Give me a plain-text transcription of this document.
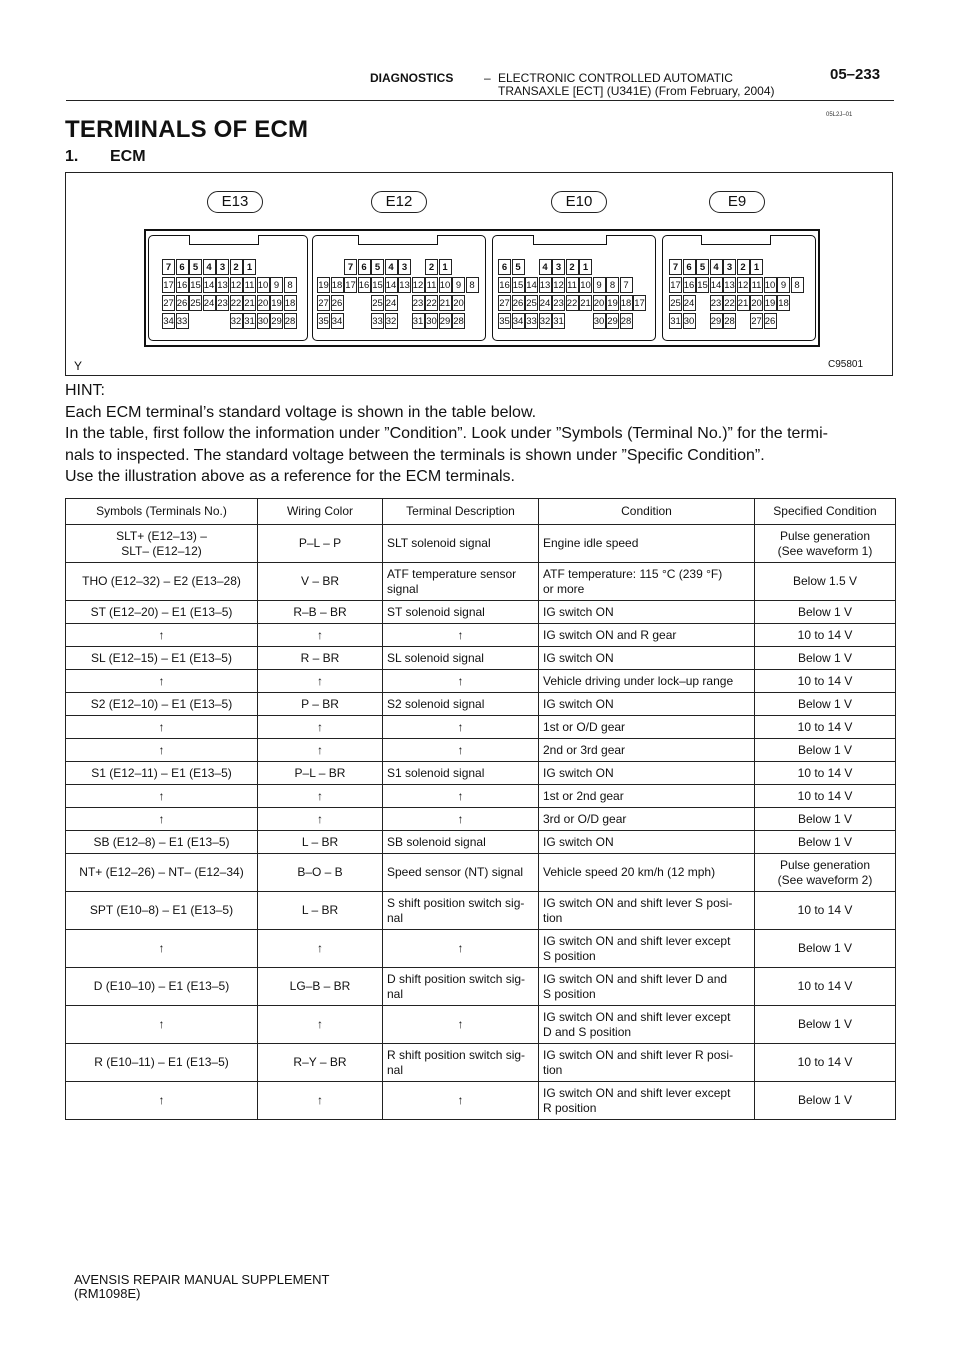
DIAGNOSTICS	– ELECTRONIC CONTROLLED AUTOMATIC
TRANSAXLE [ECT] (U341E) (From February, 2004)
05–233
05L2J–01
TERMINALS OF ECM
1. ECM
E13	E12	E10	E9
7 6 5 4 3 2 1
17 16 15 14 13 12 11 10 9 8
27 26 25 24 23 22 21 20 19 18
34 33	32 31 30 29 28
7 6 5 4 3	2 1
19 18 17 16 15 14 13 12 11 10 9 8
27 26	25 24 23 22 21 20
35 34	33 32 31 30 29 28
6 5	4 3 2 1
16 15 14 13 12 11 10 9 8 7
27 26 25 24 23 22 21 20 19 18 17
35 34 33 32 31	30 29 28
7 6 5 4 3 2 1
17 16 15 14 13 12 11 10 9 8
25 24 23 22 21 20 19 18
31 30 29 28 27 26
Y	C95801

HINT:

Each ECM terminal’s standard voltage is shown in the table below.

In the table, first follow the information under ”Condition”. Look under ”Symbols (Terminal No.)” for the termi-

nals to inspected. The standard voltage between the terminals is shown under ”Specific Condition”.

Use the illustration above as a reference for the ECM terminals.

Symbols (Terminals No.)	Wiring Color	Terminal Description	Condition	Specified Condition
SLT+ (E12–13) –
SLT– (E12–12)	P–L – P	SLT solenoid signal	Engine idle speed	Pulse generation
(See waveform 1)
THO (E12–32) – E2 (E13–28)	V – BR	ATF temperature sensor
signal	ATF temperature: 115 °C (239 °F)
or more	Below 1.5 V
ST (E12–20) – E1 (E13–5)	R–B – BR	ST solenoid signal	IG switch ON	Below 1 V
↑	↑	↑	IG switch ON and R gear	10 to 14 V
SL (E12–15) – E1 (E13–5)	R – BR	SL solenoid signal	IG switch ON	Below 1 V
↑	↑	↑	Vehicle driving under lock–up range	10 to 14 V
S2 (E12–10) – E1 (E13–5)	P – BR	S2 solenoid signal	IG switch ON	Below 1 V
↑	↑	↑	1st or O/D gear	10 to 14 V
↑	↑	↑	2nd or 3rd gear	Below 1 V
S1 (E12–11) – E1 (E13–5)	P–L – BR	S1 solenoid signal	IG switch ON	10 to 14 V
↑	↑	↑	1st or 2nd gear	10 to 14 V
↑	↑	↑	3rd or O/D gear	Below 1 V
SB (E12–8) – E1 (E13–5)	L – BR	SB solenoid signal	IG switch ON	Below 1 V
NT+ (E12–26) – NT– (E12–34)	B–O – B	Speed sensor (NT) signal	Vehicle speed 20 km/h (12 mph)	Pulse generation
(See waveform 2)
SPT (E10–8) – E1 (E13–5)	L – BR	S shift position switch sig-
nal	IG switch ON and shift lever S posi-
tion	10 to 14 V
↑	↑	↑	IG switch ON and shift lever except
S position	Below 1 V
D (E10–10) – E1 (E13–5)	LG–B – BR	D shift position switch sig-
nal	IG switch ON and shift lever D and
S position	10 to 14 V
↑	↑	↑	IG switch ON and shift lever except
D and S position	Below 1 V
R (E10–11) – E1 (E13–5)	R–Y – BR	R shift position switch sig-
nal	IG switch ON and shift lever R posi-
tion	10 to 14 V
↑	↑	↑	IG switch ON and shift lever except
R position	Below 1 V
AVENSIS REPAIR MANUAL SUPPLEMENT
(RM1098E)
